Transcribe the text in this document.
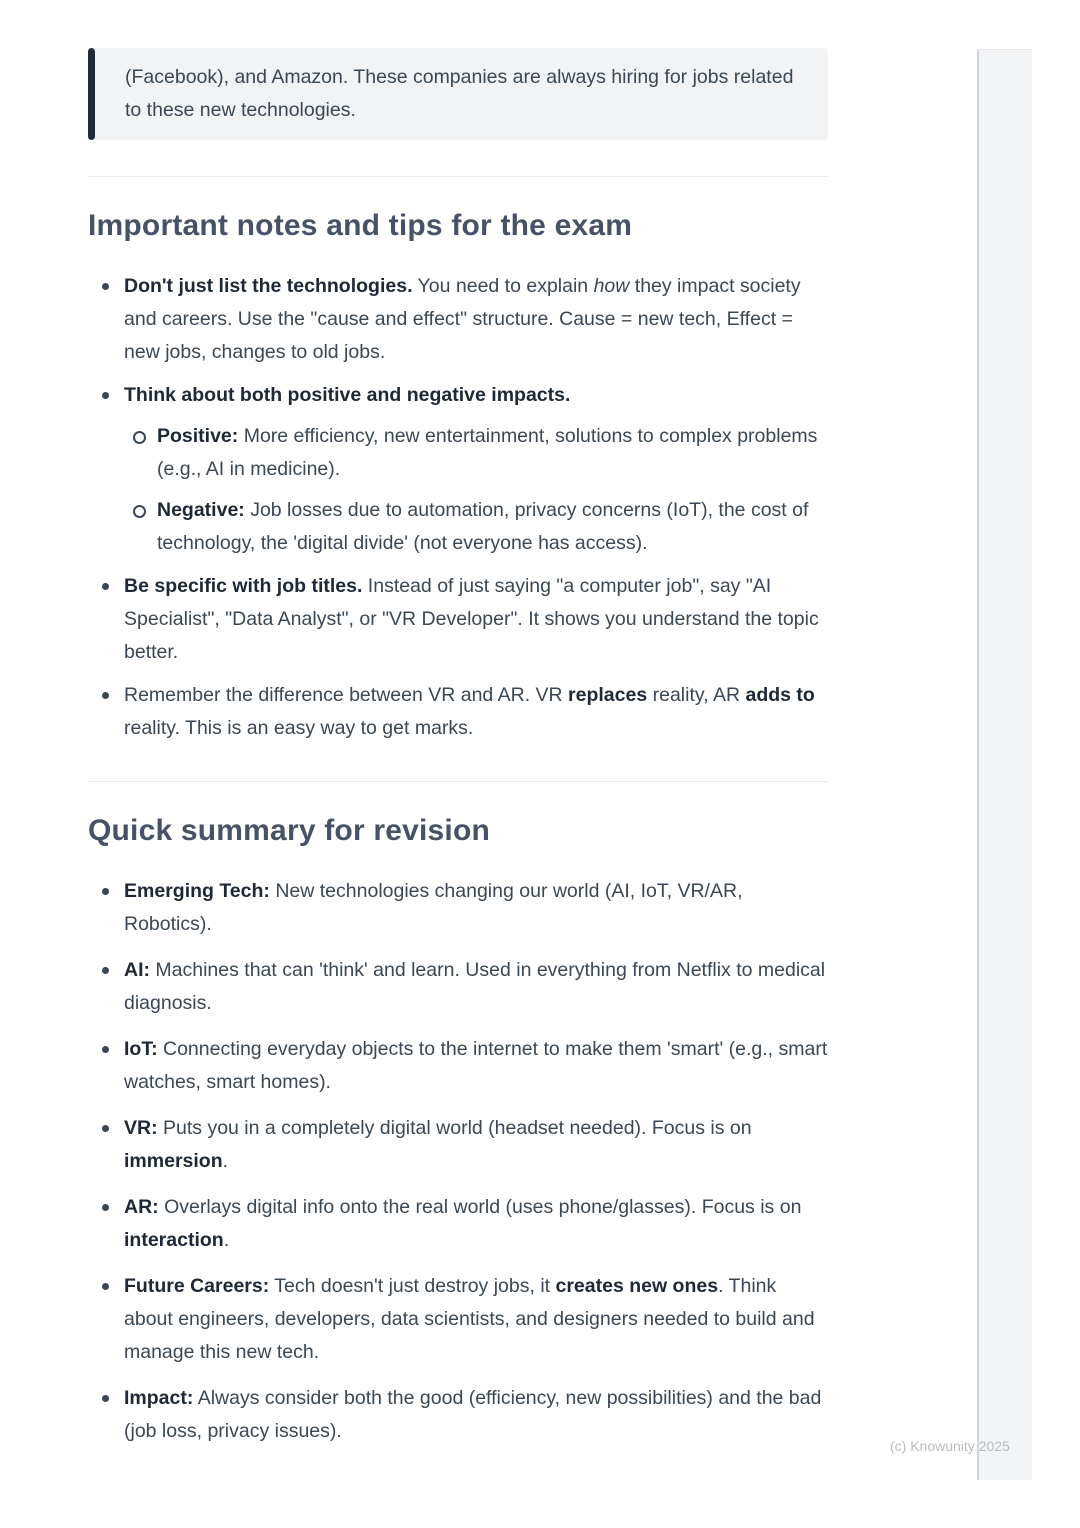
(Facebook), and Amazon. These companies are always hiring for jobs related to these new technologies.
Important notes and tips for the exam
Don't just list the technologies. You need to explain how they impact society and careers. Use the "cause and effect" structure. Cause = new tech, Effect = new jobs, changes to old jobs.
Think about both positive and negative impacts.
Positive: More efficiency, new entertainment, solutions to complex problems (e.g., AI in medicine).
Negative: Job losses due to automation, privacy concerns (IoT), the cost of technology, the 'digital divide' (not everyone has access).
Be specific with job titles. Instead of just saying "a computer job", say "AI Specialist", "Data Analyst", or "VR Developer". It shows you understand the topic better.
Remember the difference between VR and AR. VR replaces reality, AR adds to reality. This is an easy way to get marks.
Quick summary for revision
Emerging Tech: New technologies changing our world (AI, IoT, VR/AR, Robotics).
AI: Machines that can 'think' and learn. Used in everything from Netflix to medical diagnosis.
IoT: Connecting everyday objects to the internet to make them 'smart' (e.g., smart watches, smart homes).
VR: Puts you in a completely digital world (headset needed). Focus is on immersion.
AR: Overlays digital info onto the real world (uses phone/glasses). Focus is on interaction.
Future Careers: Tech doesn't just destroy jobs, it creates new ones. Think about engineers, developers, data scientists, and designers needed to build and manage this new tech.
Impact: Always consider both the good (efficiency, new possibilities) and the bad (job loss, privacy issues).
(c) Knowunity 2025
